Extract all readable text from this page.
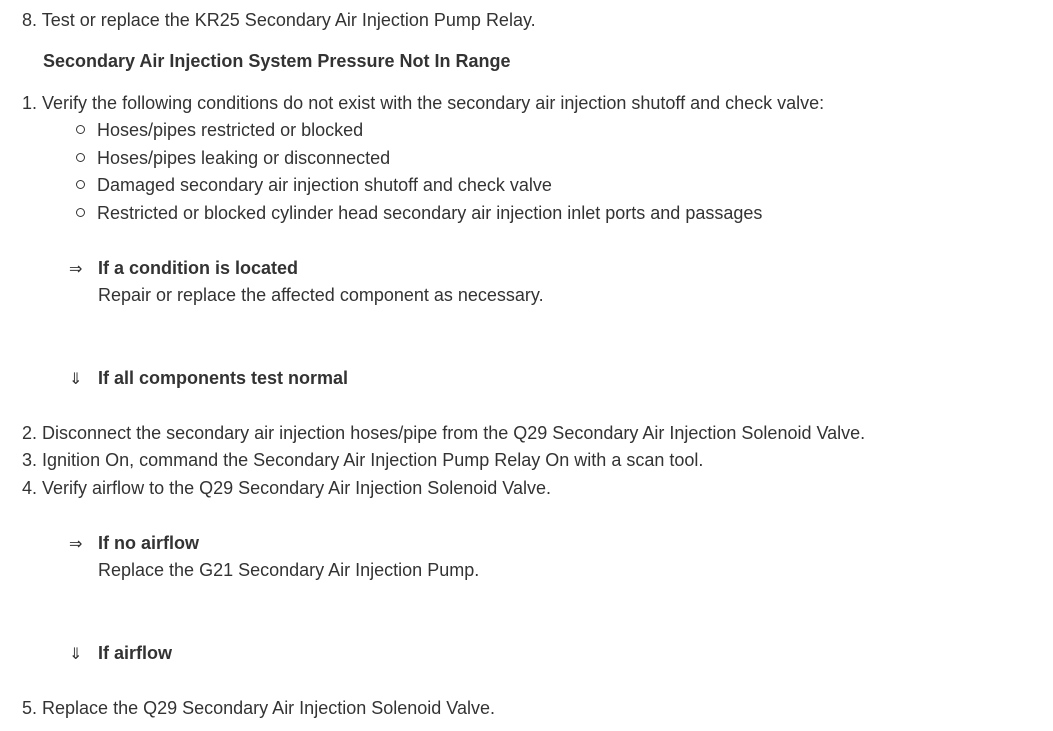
8. Test or replace the KR25 Secondary Air Injection Pump Relay.
Secondary Air Injection System Pressure Not In Range
1. Verify the following conditions do not exist with the secondary air injection shutoff and check valve:
Hoses/pipes restricted or blocked
Hoses/pipes leaking or disconnected
Damaged secondary air injection shutoff and check valve
Restricted or blocked cylinder head secondary air injection inlet ports and passages
⇒ If a condition is located
Repair or replace the affected component as necessary.
⇓ If all components test normal
2. Disconnect the secondary air injection hoses/pipe from the Q29 Secondary Air Injection Solenoid Valve.
3. Ignition On, command the Secondary Air Injection Pump Relay On with a scan tool.
4. Verify airflow to the Q29 Secondary Air Injection Solenoid Valve.
⇒ If no airflow
Replace the G21 Secondary Air Injection Pump.
⇓ If airflow
5. Replace the Q29 Secondary Air Injection Solenoid Valve.
